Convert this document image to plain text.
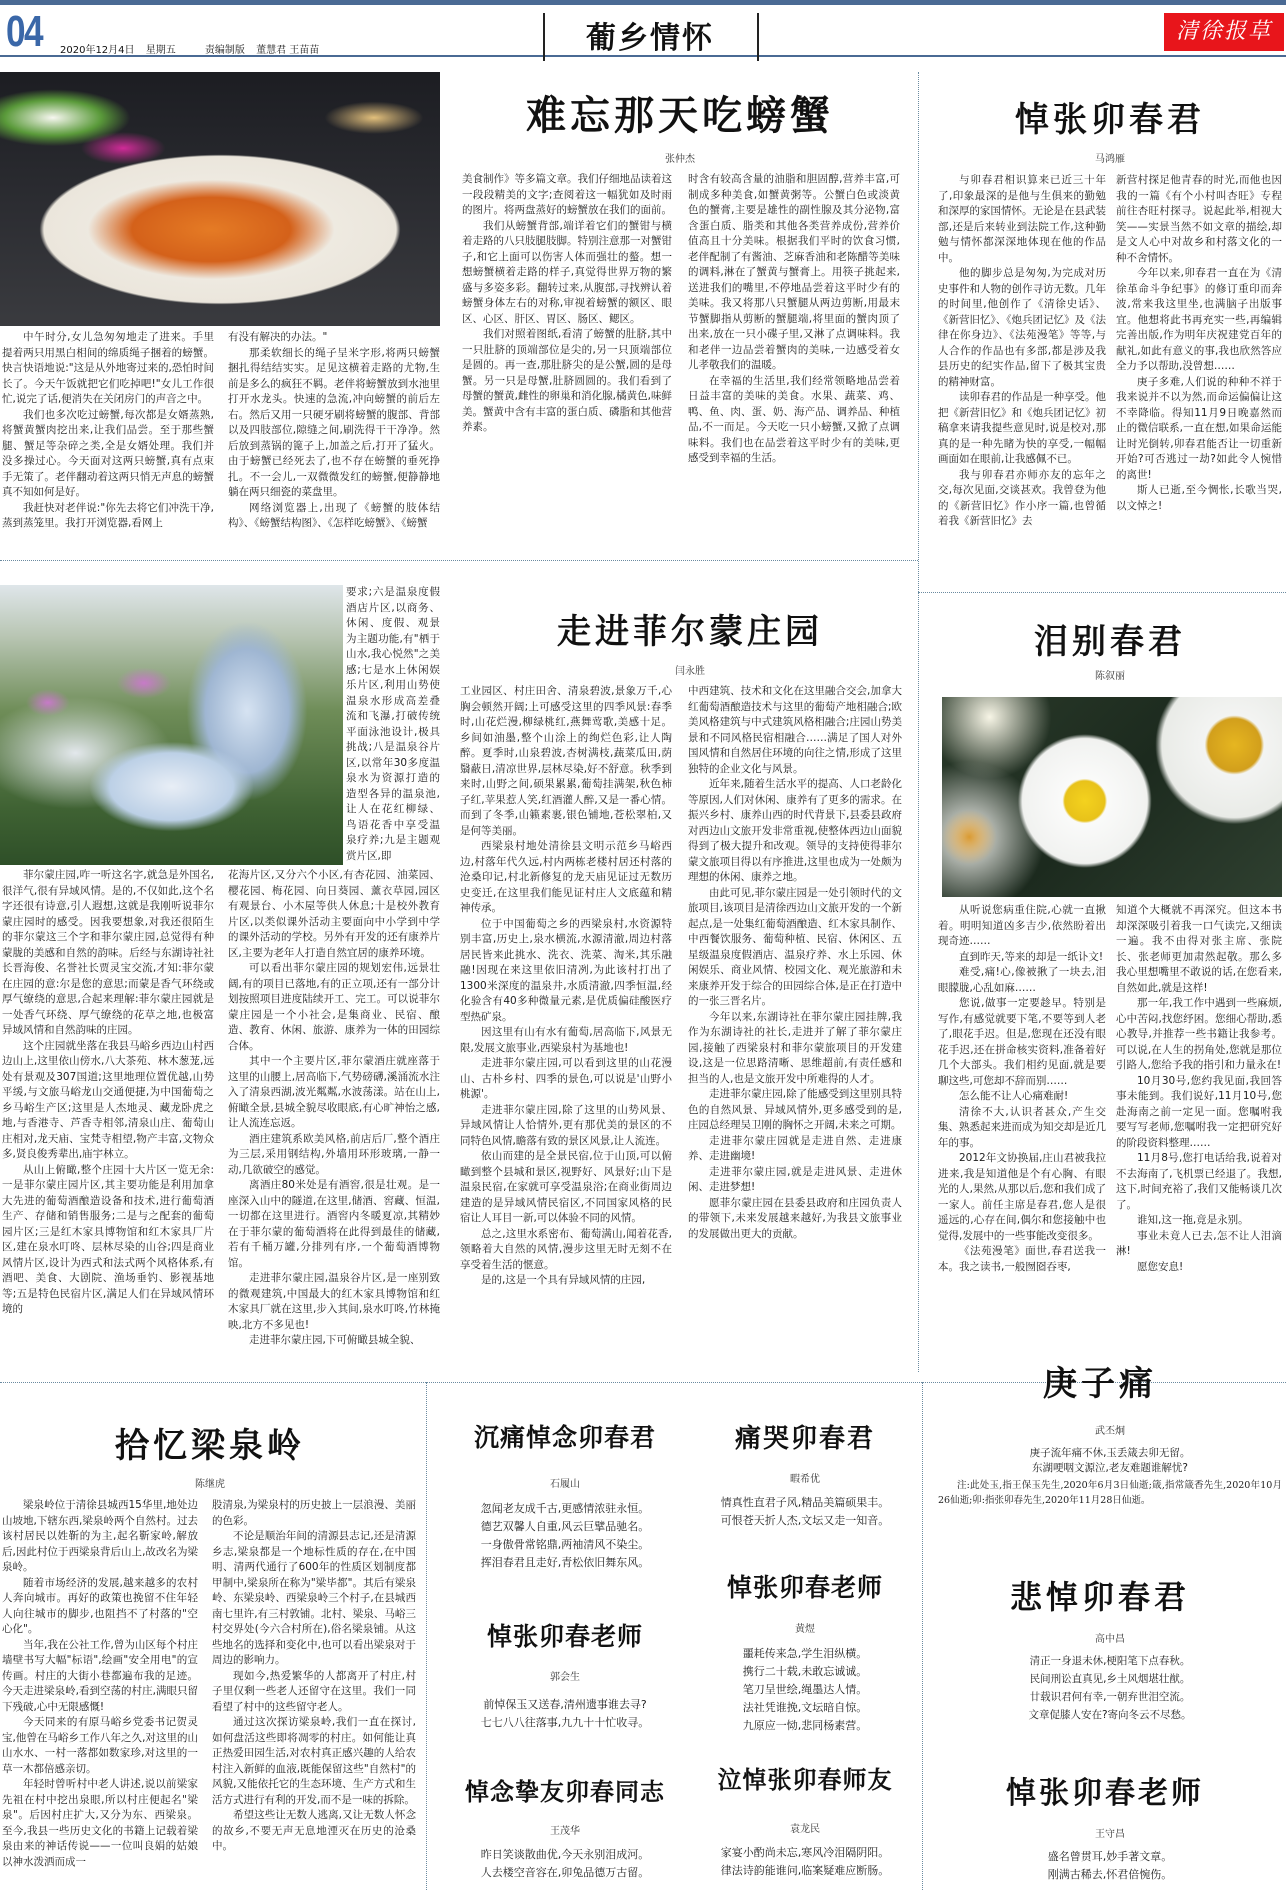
04 2020年12月4日 星期五	责编制版 董慧君 王苗苗	葡乡情怀	清徐报草
难忘那天吃螃蟹
张仲杰

中午时分,女儿急匆匆地走了进来。手里提着两只用黑白相间的绵质绳子捆着的螃蟹。快言快语地说:"这是从外地寄过来的,恐怕时间长了。今天午饭就把它们吃掉吧!"女儿工作很忙,说完了话,便消失在关闭房门的声音之中。

我们也多次吃过螃蟹,每次都是女婿蒸熟,将蟹黄蟹肉挖出来,让我们品尝。至于那些蟹腿、蟹足等杂碎之类,全是女婿处理。我们并没多操过心。今天面对这两只螃蟹,真有点束手无策了。老伴翻动着这两只悄无声息的螃蟹真不知如何是好。

我赶快对老伴说:"你先去将它们冲洗干净,蒸到蒸笼里。我打开浏览器,看网上

有没有解决的办法。"

那柔软细长的绳子呈米字形,将两只螃蟹捆扎得结结实实。足见这横着走路的尤物,生前是多么的疯狂不羁。老伴将螃蟹放到水池里打开水龙头。快速的急流,冲向螃蟹的前后左右。然后又用一只硬牙刷将螃蟹的腹部、背部以及四肢部位,隙缝之间,刷洗得干干净净。然后放到蒸锅的篦子上,加盖之后,打开了猛火。由于螃蟹已经死去了,也不存在螃蟹的垂死挣扎。不一会儿,一双微微发红的螃蟹,便静静地躺在两只细瓷的菜盘里。

网络浏览器上,出现了《螃蟹的肢体结构》、《螃蟹结构图》、《怎样吃螃蟹》、《螃蟹

美食制作》等多篇文章。我们仔细地品读着这一段段精美的文字;查阅着这一幅犹如及时雨的图片。将两盘蒸好的螃蟹放在我们的面前。

我们从螃蟹背部,端详着它们的蟹钳与横着走路的八只肢腿肢脚。特别注意那一对蟹钳子,和它上面可以伤害人体而强壮的螯。想一想螃蟹横着走路的样子,真觉得世界万物的繁盛与多姿多彩。翻转过来,从腹部,寻找辨认着螃蟹身体左右的对称,审视着螃蟹的额区、眼区、心区、肝区、胃区、肠区、鳃区。

我们对照着图纸,看清了螃蟹的肚脐,其中一只肚脐的顶端部位是尖的,另一只顶端部位是圆的。再一查,那肚脐尖的是公蟹,圆的是母蟹。另一只是母蟹,肚脐圆圆的。我们看到了母蟹的蟹黄,雌性的卵巢和消化腺,橘黄色,味鲜美。蟹黄中含有丰富的蛋白质、磷脂和其他营养素。

时含有较高含量的油脂和胆固醇,营养丰富,可制成多种美食,如蟹黄粥等。公蟹白色或淡黄色的蟹膏,主要是雄性的副性腺及其分泌物,富含蛋白质、脂类和其他各类营养成份,营养价值高且十分美味。根据我们平时的饮食习惯,老伴配制了有酱油、芝麻香油和老陈醋等美味的调料,淋在了蟹黄与蟹膏上。用筷子挑起来,送进我们的嘴里,不停地品尝着这平时少有的美味。我又将那八只蟹腿从两边剪断,用最末节蟹脚指从剪断的蟹腿端,将里面的蟹肉顶了出来,放在一只小碟子里,又淋了点调味料。我和老伴一边品尝着蟹肉的美味,一边感受着女儿孝敬我们的温暖。

在幸福的生活里,我们经常领略地品尝着日益丰富的美味的美食。水果、蔬菜、鸡、鸭、鱼、肉、蛋、奶、海产品、调养品、种植品,不一而足。今天吃一只小螃蟹,又掀了点调味料。我们也在品尝着这平时少有的美味,更感受到幸福的生活。

悼张卯春君
马鸿雁

与卯春君相识算来已近三十年了,印象最深的是他与生俱来的勤勉和深厚的家国情怀。无论是在县武装部,还是后来转业到法院工作,这种勤勉与情怀都深深地体现在他的作品中。

他的脚步总是匆匆,为完成对历史事件和人物的创作寻访无数。几年的时间里,他创作了《清徐史话》、《新营旧忆》、《炮兵团记忆》及《法律在你身边》、《法苑漫笔》等等,与人合作的作品也有多部,都是涉及我县历史的纪实作品,留下了极其宝贵的精神财富。

读卯春君的作品是一种享受。他把《新营旧忆》和《炮兵团记忆》初稿拿来请我提些意见时,说是校对,那真的是一种先睹为快的享受,一幅幅画面如在眼前,让我感佩不已。

我与卯春君亦师亦友的忘年之交,每次见面,交谈甚欢。我曾登为他的《新营旧忆》作小序一篇,也曾循着我《新营旧忆》去

新营村探足他青春的时光,而他也因我的一篇《有个小村叫杏旺》专程前往杏旺村探寻。说起此举,相视大笑——实景当然不如文章的描绘,却是文人心中对故乡和村落文化的一种不舍情怀。

今年以来,卯春君一直在为《清徐革命斗争纪事》的修订重印而奔波,常来我这里坐,也满脑子出版事宜。他想将此书再充实一些,再编辑完善出版,作为明年庆祝建党百年的献礼,如此有意义的事,我也欣然答应全力予以帮助,没曾想……

庚子多难,人们说的种种不祥于我来说并不以为然,而命运偏偏让这不幸降临。得知11月9日晚嘉然而止的微信联系,一直在想,如果命运能让时光倒转,卯春君能否让一切重新开始?可否逃过一劫?如此令人惋惜的离世!

斯人已逝,至今惆怅,长歌当哭,以文悼之!

要求;六是温泉度假酒店片区,以商务、休闲、度假、观景为主题功能,有"栖于山水,我心悦然"之美感;七是水上休闲娱乐片区,利用山势使温泉水形成高差叠流和飞瀑,打破传统平面泳池设计,极具挑战;八是温泉谷片区,以常年30多度温泉水为资源打造的造型各异的温泉池,让人在花红柳绿、鸟语花香中享受温泉疗养;九是主题观赏片区,即

走进菲尔蒙庄园
闫永胜

菲尔蒙庄园,咋一听这名字,就急是外国名,很洋气,很有异域风情。是的,不仅如此,这个名字还很有诗意,引人遐想,这就是我刚听说菲尔蒙庄园时的感受。因我要想象,对我还很陌生的菲尔蒙这三个字和菲尔蒙庄园,总觉得有种蒙胧的美感和自然的韵味。后经与东湖诗社社长晋海俊、名誉社长贾灵宝交流,才知:菲尔蒙在庄园的意:尔是您的意思;而蒙是香气环绕或厚气缭绕的意思,合起来理解:菲尔蒙庄园就是一处香气环绕、厚气缭绕的花草之地,也极富异域风情和自然韵味的庄园。

这个庄园就坐落在我县马峪乡西边山村西边山上,这里依山傍水,八大茶苑、林木葱茏,远处有景观及307国道;这里地理位置优越,山势平缓,与文旅马峪龙山交通便捷,为中国葡萄之乡马峪生产区;这里是人杰地灵、藏龙卧虎之地,与香港寺、芦香寺相邻,清泉山庄、葡萄山庄相对,龙天庙、宝梵寺相望,物产丰富,文物众多,贤良俊秀辈出,庙宇林立。

从山上俯瞰,整个庄园十大片区一览无余:一是菲尔蒙庄园片区,其主要功能是利用加拿大先进的葡萄酒酿造设备和技术,进行葡萄酒生产、存储和销售服务;二是与之配套的葡萄园片区;三是红木家具博物馆和红木家具厂片区,建在泉水叮咚、层林尽染的山谷;四是商业风情片区,设计为西式和法式两个风格体系,有酒吧、美食、大剧院、渔场垂钓、影视基地等;五是特色民宿片区,满足人们在异域风情环境的

花海片区,又分六个小区,有杏花园、油菜园、樱花园、梅花园、向日葵园、薰衣草园,园区有观景台、小木屋等供人休息;十是校外教育片区,以类似课外活动主要面向中小学到中学的课外活动的学校。另外有开发的还有康养片区,主要为老年人打造自然宜居的康养环境。

可以看出菲尔蒙庄园的规划宏伟,远景壮阔,有的项目已落地,有的正立项,还有一部分计划按照项目进度陆续开工、完工。可以说菲尔蒙庄园是一个小社会,是集商业、民宿、酿造、教育、休闲、旅游、康养为一体的田园综合体。

其中一个主要片区,菲尔蒙酒庄就座落于这里的山腰上,居高临下,气势磅礴,溪涌流水注入了清泉西湖,波光粼粼,水波荡漾。站在山上,俯瞰全景,县城全貌尽收眼底,有心旷神怡之感,让人流连忘返。

酒庄建筑系欧美风格,前店后厂,整个酒庄为三层,采用钢结构,外墙用环形玻璃,一静一动,几欲破空的感觉。

离酒庄80米处是有酒窖,很是壮观。是一座深入山中的隧道,在这里,储酒、窖藏、恒温,一切都在这里进行。酒窖内冬暖夏凉,其精妙在于菲尔蒙的葡萄酒将在此得到最佳的储藏,若有千桶万罐,分排列有序,一个葡萄酒博物馆。

走进菲尔蒙庄园,温泉谷片区,是一座别致的微观建筑,中国最大的红木家具博物馆和红木家具厂就在这里,步入其间,泉水叮咚,竹林掩映,北方不多见也!

走进菲尔蒙庄园,下可俯瞰县城全貌、

工业园区、村庄田舍、清泉碧波,景象万千,心胸会顿然开阔;上可感受这里的四季风景:春季时,山花烂漫,柳绿桃红,燕舞莺歌,美感十足。乡间如油墨,整个山涂上的绚烂色彩,让人陶醉。夏季时,山泉碧波,杏树满枝,蔬菜瓜田,荫翳蔽日,清凉世界,层林尽染,好不舒意。秋季到来时,山野之间,硕果累累,葡萄挂满架,秋色柿子红,苹果惹人笑,红酒灌人醉,又是一番心情。而到了冬季,山籁素裹,银色铺地,苍松翠柏,又是何等美丽。

西梁泉村地处清徐县文明示范乡马峪西边,村落年代久远,村内两栋老楼村居还村落的沧桑印记,村北新修复的龙天庙见证过无数历史变迁,在这里我们能见证村庄人文底蕴和精神传承。

位于中国葡萄之乡的西梁泉村,水资源特别丰富,历史上,泉水横流,水源清澈,周边村落居民皆来此挑水、洗衣、洗菜、淘米,其乐融融!因现在来这里依旧清冽,为此该村打出了1300米深度的温泉井,水质清澈,四季恒温,经化验含有40多种微量元素,是优质偏硅酸医疗型热矿泉。

因这里有山有水有葡萄,居高临下,风景无限,发展文旅事业,西梁泉村为基地也!

走进菲尔蒙庄园,可以看到这里的山花漫山、古朴乡村、四季的景色,可以说是'山野小桃源'。

走进菲尔蒙庄园,除了这里的山势风景、异域风情让人恰情外,更有那优美的景区的不同特色风情,瞻落有致的景区风景,让人流连。

依山而建的是全景民宿,位于山顶,可以俯瞰到整个县城和景区,视野好、风景好;山下是温泉民宿,在家就可享受温泉浴;在商业街周边建造的是异域风情民宿区,不同国家风格的民宿让人耳目一新,可以体验不同的风情。

总之,这里水系密布、葡萄满山,闻着花香,领略着大自然的风情,漫步这里无时无刻不在享受着生活的惬意。

是的,这是一个具有异域风情的庄园,

中西建筑、技术和文化在这里融合交会,加拿大红葡萄酒酿造技术与这里的葡萄产地相融合;欧美风格建筑与中式建筑风格相融合;庄园山势美景和不同风格民宿相融合……满足了国人对外国风情和自然居住环境的向往之情,形成了这里独特的企业文化与风景。

近年来,随着生活水平的提高、人口老龄化等原因,人们对休闲、康养有了更多的需求。在振兴乡村、康养山西的时代背景下,县委县政府对西边山文旅开发非常重视,使整体西边山面貌得到了极大提升和改观。领导的支持使得菲尔蒙文旅项目得以有序推进,这里也成为一处颇为理想的休闲、康养之地。

由此可见,菲尔蒙庄园是一处引领时代的文旅项目,该项目是清徐西边山文旅开发的一个新起点,是一处集红葡萄酒酿造、红木家具制作、中西餐饮服务、葡萄种植、民宿、休闲区、五星级温泉度假酒店、温泉疗养、水上乐园、休闲娱乐、商业风情、校园文化、观光旅游和未来康养开发于综合的田园综合体,是正在打造中的一张三晋名片。

今年以来,东湖诗社在菲尔蒙庄园挂牌,我作为东湖诗社的社长,走进并了解了菲尔蒙庄园,接触了西梁泉村和菲尔蒙旅项目的开发建设,这是一位思路清晰、思维超前,有责任感和担当的人,也是文旅开发中所难得的人才。

走进菲尔蒙庄园,除了能感受到这里别具特色的自然风景、异域风情外,更多感受到的是,庄园总经理吴卫刚的胸怀之开阔,未来之可期。

走进菲尔蒙庄园就是走进自然、走进康养、走进幽境!

走进菲尔蒙庄园,就是走进风景、走进休闲、走进梦想!

愿菲尔蒙庄园在县委县政府和庄园负责人的带领下,未来发展越来越好,为我县文旅事业的发展做出更大的贡献。

泪别春君
陈叙丽

从听说您病重住院,心就一直揪着。明明知道凶多吉少,依然盼着出现奇迹……

直到昨天,等来的却是一纸讣文!

难受,痛!心,像被揪了一块去,泪眼朦胧,心乱如麻……

您说,做事一定要趁早。特别是写作,有感觉就要下笔,不要等到人老了,眼花手迟。但是,您现在还没有眼花手迟,还在拼命核实资料,准备着好几个大部头。我们相约见面,就是要聊这些,可您却不辞而别……

怎么能不让人心痛难耐!

清徐不大,认识者甚众,产生交集、熟悉起来进而成为知交却是近几年的事。

2012年文协换届,庄山君被我拉进来,我是知道他是个有心胸、有眼光的人,果然,从那以后,您和我们成了一家人。前任主席是春君,您人是很遥远的,心存在间,偶尔和您接触中也觉得,发展中的一些事能改变很多。

《法苑漫笔》面世,春君送我一本。我之读书,一般囫囵吞枣,

知道个大概就不再深究。但这本书却深深吸引着我一口气读完,又细读一遍。我不由得对张主席、张院长、张老师更加肃然起敬。那么多我心里想嘴里不敢说的话,在您看来,自然如此,就是这样!

那一年,我工作中遇到一些麻烦,心中苦闷,找您纾困。您细心帮助,悉心教导,并推荐一些书籍让我参考。可以说,在人生的拐角处,您就是那位引路人,您给予我的指引和力量永在!

10月30号,您约我见面,我回答事未能到。我们说好,11月10号,您赴海南之前一定见一面。您嘱咐我要写写老师,您嘱咐我一定把研究好的阶段资料整理……

11月8号,您打电话给我,说着对不去海南了,飞机票已经退了。我想,这下,时间充裕了,我们又能畅谈几次了。

谁知,这一拖,竟是永别。

事业未竟人已去,怎不让人泪滴淋!

愿您安息!

拾忆梁泉岭
陈继虎

梁泉岭位于清徐县城西15华里,地处边山坡地,下辖东西,梁泉岭两个自然村。过去该村居民以姓靳的为主,起名靳家岭,解放后,因此村位于西梁泉背后山上,故改名为梁泉岭。

随着市场经济的发展,越来越多的农村人奔向城市。再好的政策也挽留不住年轻人向往城市的脚步,也阻挡不了村落的"空心化"。

当年,我在公社工作,曾为山区每个村庄墙壁书写大幅"标语",绘画"安全用电"的宣传画。村庄的大街小巷都遍布我的足迹。今天走进梁泉岭,看到空荡的村庄,满眼只留下残破,心中无限感慨!

今天同来的有原马峪乡党委书记贺灵宝,他曾在马峪乡工作八年之久,对这里的山山水水、一村一落都如数家珍,对这里的一草一木都倍感亲切。

年轻时曾听村中老人讲述,说以前梁家先祖在村中挖出泉眼,所以村庄便起名"梁泉"。后因村庄扩大,又分为东、西梁泉。至今,我县一些历史文化的书籍上记载着梁泉由来的神话传说——一位叫良娟的姑娘以神水泼洒而成一

股清泉,为梁泉村的历史披上一层浪漫、美丽的色彩。

不论是顺治年间的清源县志记,还是清源乡志,梁泉都是一个地标性质的存在,在中国明、清两代通行了600年的性质区划制度都甲制中,梁泉所在称为"梁毕都"。其后有梁泉岭、东梁泉岭、西梁泉岭三个村子,在县城西南七里许,有三村敦铺。北村、梁泉、马峪三村交界处(今六合村所在),俗名梁泉铺。从这些地名的选择和变化中,也可以看出梁泉对于周边的影响力。

现如今,热爱繁华的人都离开了村庄,村子里仅剩一些老人还留守在这里。我们一同看望了村中的这些留守老人。

通过这次探访梁泉岭,我们一直在探讨,如何盘活这些即将凋零的村庄。如何能让真正热爱田园生活,对农村真正感兴趣的人给农村注入新鲜的血液,既能保留这些"自然村"的风貌,又能依托它的生态环境、生产方式和生活方式进行有利的开发,而不是一味的拆除。

希望这些让无数人逃离,又让无数人怀念的故乡,不要无声无息地湮灭在历史的沧桑中。

沉痛悼念卯春君
石履山
忽闻老友成千古,更感情浓驻永恒。
德艺双馨人自重,风云巨擘品驰名。
一身傲骨常铭鼎,两袖清风不染尘。
挥泪春君且走好,青松依旧舞东风。
痛哭卯春君
暇希优
情真性直君子风,精品美篇硕果丰。
可恨苍天折人杰,文坛又走一知音。
悼张卯春老师
郭会生
前悼保玉又送春,清州遗事谁去寻?
七七八八往落事,九九十十忙收寻。
悼张卯春老师
黄煜
噩耗传来急,学生泪纵横。
携行二十载,未敢忘诚诚。
笔刀呈世绘,绳墨达人情。
法社凭谁挽,文坛暗自惊。
九原应一恸,悲同杨素营。
悼念挚友卯春同志
王茂华
昨日笑谈散曲优,今天永别泪成河。
人去楼空音容在,卯兔品德万古留。
泣悼张卯春师友
袁龙民
家宴小酌尚未忘,寒风冷泪隔阴阳。
律法诗韵能谁问,临案疑难应断肠。
庚子痛
武丕炯
庚子流年痛不休,玉丢箴去卯无留。
东湖哽咽文源泣,老友难题谁解忧?

注:此处玉,指王保玉先生,2020年6月3日仙逝;箴,指常箴香先生,2020年10月26仙逝;卯:指张卯春先生,2020年11月28日仙逝。

悲悼卯春君
高中昌
清正一身退未休,梗阳笔下点春秋。
民间刑讼直真见,乡土风烟堪壮猷。
廿载识君何有幸,一朝弃世泪空流。
文章促膝人安在?寄向冬云不尽愁。
悼张卯春老师
王守昌
盛名曾贯耳,妙手著文章。
刚满古稀去,怀君倍惋伤。
